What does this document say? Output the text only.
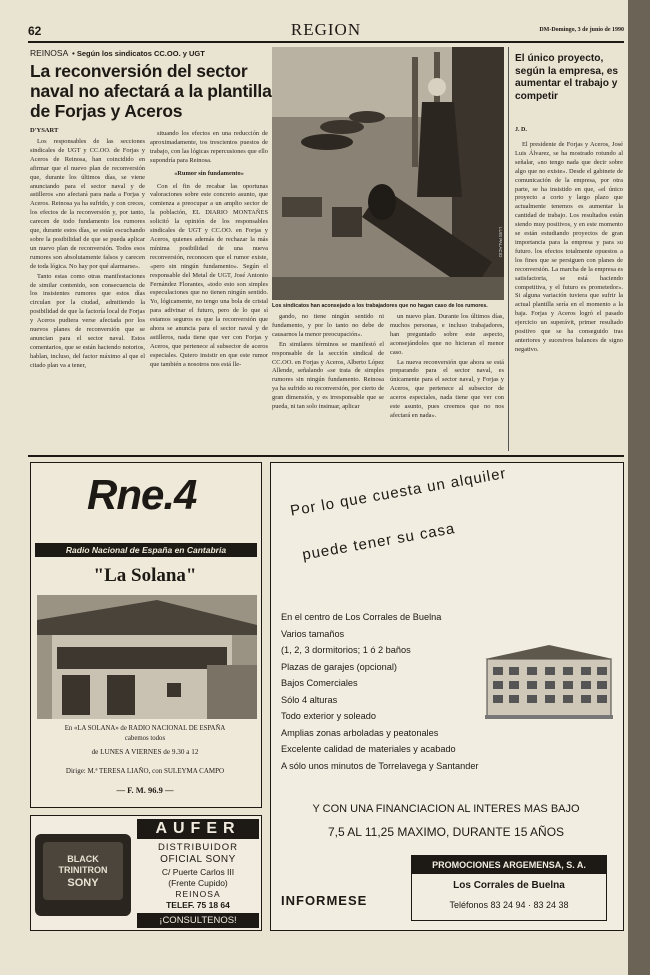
62	REGION	DM-Domingo, 3 de junio de 1990
REINOSA • Según los sindicatos CC.OO. y UGT
La reconversión del sector naval no afectará a la plantilla de Forjas y Aceros
D'YSART

Los responsables de las secciones sindicales de UGT y CC.OO. de Forjas y Aceros de Reinosa, han coincidido en afirmar que el nuevo plan de reconversión que, durante los últimos días, se viene anunciando para el sector naval y de astilleros «no afectará para nada a Forjas y Aceros. Reinosa ya ha sufrido, y con creces, los efectos de la reconversión y, por tanto, carecen de todo fundamento los rumores que, durante estos días, se están escuchando sobre la posibilidad de que se pueda aplicar un nuevo plan de reconversión. Todos esos rumores son absolutamente falsos y carecen de toda lógica. No hay por qué alarmarse».

Tanto estas como otras manifestaciones de similar contenido, son consecuencia de los insistentes rumores que estos días circulan por la ciudad, admitiendo la posibilidad de que la factoría local de Forjas y Aceros pudiera verse afectada por los nuevos planes de reconversión que se anuncian para el sector naval. Estos comentarios, que se están haciendo notorios, hablan, incluso, del factor máximo al que el citado plan va a tener,

situando los efectos en una reducción de aproximadamente, tos trescientos puestos de trabajo, con las lógicas repercusiones que ello supondría para Reinosa.

«Rumor sin fundamento»

Con el fin de recabar las oportunas valoraciones sobre este concreto asunto, que comienza a preocupar a un amplio sector de la población, EL DIARIO MONTAÑES solicitó la opinión de los responsables sindicales de UGT y CC.OO. en Forjas y Aceros, quienes además de rechazar la más mínima posibilidad de una nueva reconversión, reconocen que el rumor existe, «pero sin ningún fundamento». Según el responsable del Metal de UGT, José Antonio Fernández Florantes, «todo esto son simples especulaciones que no tienen ningún sentido. Yo, lógicamente, no tengo una bola de cristal para adivinar el futuro, pero de lo que sí estamos seguros es que la reconversión que ahora se anuncia para el sector naval y de astilleros, nada tiene que ver con Forjas y Aceros, que pertenece al subsector de aceros especiales. Quiero insistir en que este rumor que también a nosotros nos está lle-

LUIS PALACIO
Los sindicatos han aconsejado a los trabajadores que no hagan caso de los rumores.

gando, no tiene ningún sentido ni fundamento, y por lo tanto no debe de causarnos la menor preocupación».

En similares términos se manifestó el responsable de la sección sindical de CC.OO. en Forjas y Aceros, Alberto López Allende, señalando «se trata de simples rumores sin ningún fundamento. Reinosa ya ha sufrido su reconversión, por cierto de gran dimensión, y es irresponsable que se pueda, ni tan solo insinuar, aplicar

un nuevo plan. Durante los últimos días, muchos personas, e incluso trabajadores, han preguntado sobre este aspecto, aconsejándoles que no hicieran el menor caso.

La nueva reconversión que ahora se está preparando para el sector naval, es únicamente para el sector naval, y Forjas y Aceros, que pertenece al subsector de aceros especiales, nada tiene que ver con este asunto, pues creemos que no nos afectará en nada».

El único proyecto, según la empresa, es aumentar el trabajo y competir
J. D.

El presidente de Forjas y Aceros, José Luis Álvarez, se ha mostrado rotundo al señalar, «no tengo nada que decir sobre algo que no existe». Desde el gabinete de comunicación de la empresa, por otra parte, se ha insistido en que, «el único proyecto a corto y largo plazo que actualmente tenemos es aumentar la cantidad de trabajo. Los resultados están siendo muy positivos, y en este momento se están estudiando proyectos de gran importancia para la empresa y para su futuro. los efectos totalmente opuestos a los fines que se persiguen con planes de reconversión. La marcha de la empresa es satisfactoria, se está haciendo competitiva, y el futuro es prometedor». Si alguna variación tuviera que sufrir la actual plantilla sería en el momento a la baja. Forjas y Aceros logró el pasado ejercicio un superávit, primer resultado positivo que se ha conseguido tras anteriores y sucesivos balances de signo negativo.

Rne.4
Radio Nacional de España en Cantabria
"La Solana"
En «LA SOLANA» de RADIO NACIONAL DE ESPAÑA
cabemos todos
de LUNES A VIERNES de 9.30 a 12
Dirige: M.ª TERESA LIAÑO, con SULEYMA CAMPO
— F. M. 96.9 —
BLACK
TRINITRON
SONY
AUFER
DISTRIBUIDOR
OFICIAL SONY
C/ Puerte Carlos III
(Frente Cupido)
REINOSA
TELEF. 75 18 64
¡CONSULTENOS!
Por lo que cuesta un alquiler
puede tener su casa
En el centro de Los Corrales de Buelna
Varios tamaños
(1, 2, 3 dormitorios; 1 ó 2 baños
Plazas de garajes (opcional)
Bajos Comerciales
Sólo 4 alturas
Todo exterior y soleado
Amplias zonas arboladas y peatonales
Excelente calidad de materiales y acabado
A sólo unos minutos de Torrelavega y Santander
Y CON UNA FINANCIACION AL INTERES MAS BAJO
7,5 AL 11,25 MAXIMO, DURANTE 15 AÑOS
INFORMESE
PROMOCIONES ARGEMENSA, S. A.
Los Corrales de Buelna
Teléfonos 83 24 94 · 83 24 38
